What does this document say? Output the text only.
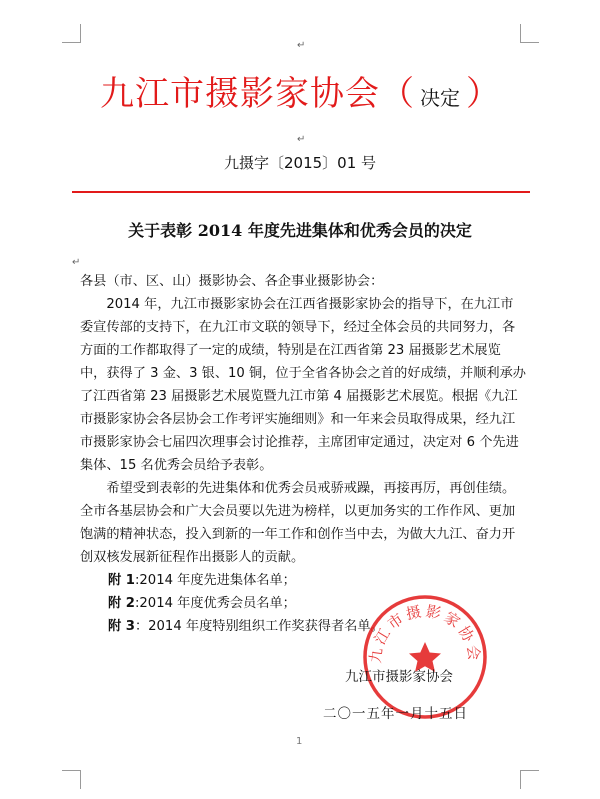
↵
↵
↵
九江市摄影家协会（ 决定 ）
九摄字〔2015〕01 号
关于表彰 2014 年度先进集体和优秀会员的决定

各县（市、区、山）摄影协会、各企事业摄影协会：

2014 年，九江市摄影家协会在江西省摄影家协会的指导下，在九江市委宣传部的支持下，在九江市文联的领导下，经过全体会员的共同努力，各方面的工作都取得了一定的成绩，特别是在江西省第 23 届摄影艺术展览中，获得了 3 金、3 银、10 铜，位于全省各协会之首的好成绩，并顺利承办了江西省第 23 届摄影艺术展览暨九江市第 4 届摄影艺术展览。根据《九江市摄影家协会各层协会工作考评实施细则》和一年来会员取得成果，经九江市摄影家协会七届四次理事会讨论推荐，主席团审定通过，决定对 6 个先进集体、15 名优秀会员给予表彰。

希望受到表彰的先进集体和优秀会员戒骄戒躁，再接再厉，再创佳绩。全市各基层协会和广大会员要以先进为榜样，以更加务实的工作作风、更加饱满的精神状态，投入到新的一年工作和创作当中去，为做大九江、奋力开创双核发展新征程作出摄影人的贡献。

附 1:2014 年度先进集体名单；

附 2:2014 年度优秀会员名单；

附 3：2014 年度特别组织工作奖获得者名单。

九江市摄影家协会
九江市摄影家协会
二〇一五年一月十五日
1
